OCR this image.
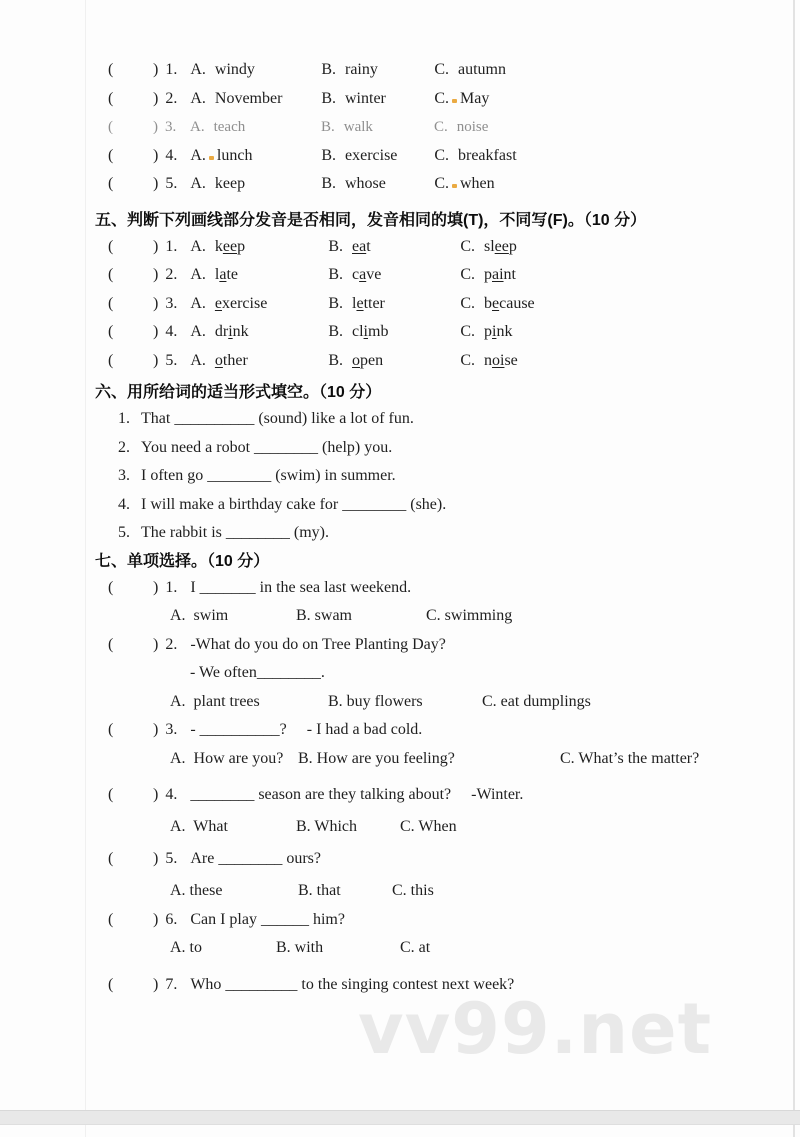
( ) 1. A. windy	B. rainy	C. autumn
( ) 2. A. November B. winter	C. May
(	) 3. A. teach	B. walk	C. noise
( ) 4. A. lunch	B. exercise C. breakfast
( ) 5. A. keep	B. whose	C. when
五、判断下列画线部分发音是否相同，发音相同的填(T)，不同写(F)。（10 分）
( ) 1. A. keep	B. eat	C. sleep
( ) 2. A. late	B. cave	C. paint
( ) 3. A. exercise	B. letter	C. because
( ) 4. A. drink	B. climb	C. pink
( ) 5. A. other	B. open	C. noise
六、用所给词的适当形式填空。（10 分）
1. That __________ (sound) like a lot of fun.
2. You need a robot ________ (help) you.
3. I often go ________ (swim) in summer.
4. I will make a birthday cake for ________ (she).
5. The rabbit is ________ (my).
七、单项选择。（10 分）
( ) 1. I _______ in the sea last weekend.
A.  swim	B. swam	C. swimming
( ) 2. -What do you do on Tree Planting Day?
- We often________.
A.  plant trees	B. buy flowers	C. eat dumplings
( ) 3. - __________?     - I had a bad cold.
A.  How are you? B. How are you feeling?	C. What’s the matter?
( ) 4. ________ season are they talking about?     -Winter.
A.  What	B. Which	C. When
( ) 5. Are ________ ours?
A. these	B. that	C. this
( ) 6. Can I play ______ him?
A. to	B. with	C. at
( ) 7. Who _________ to the singing contest next week?
vv99.net
